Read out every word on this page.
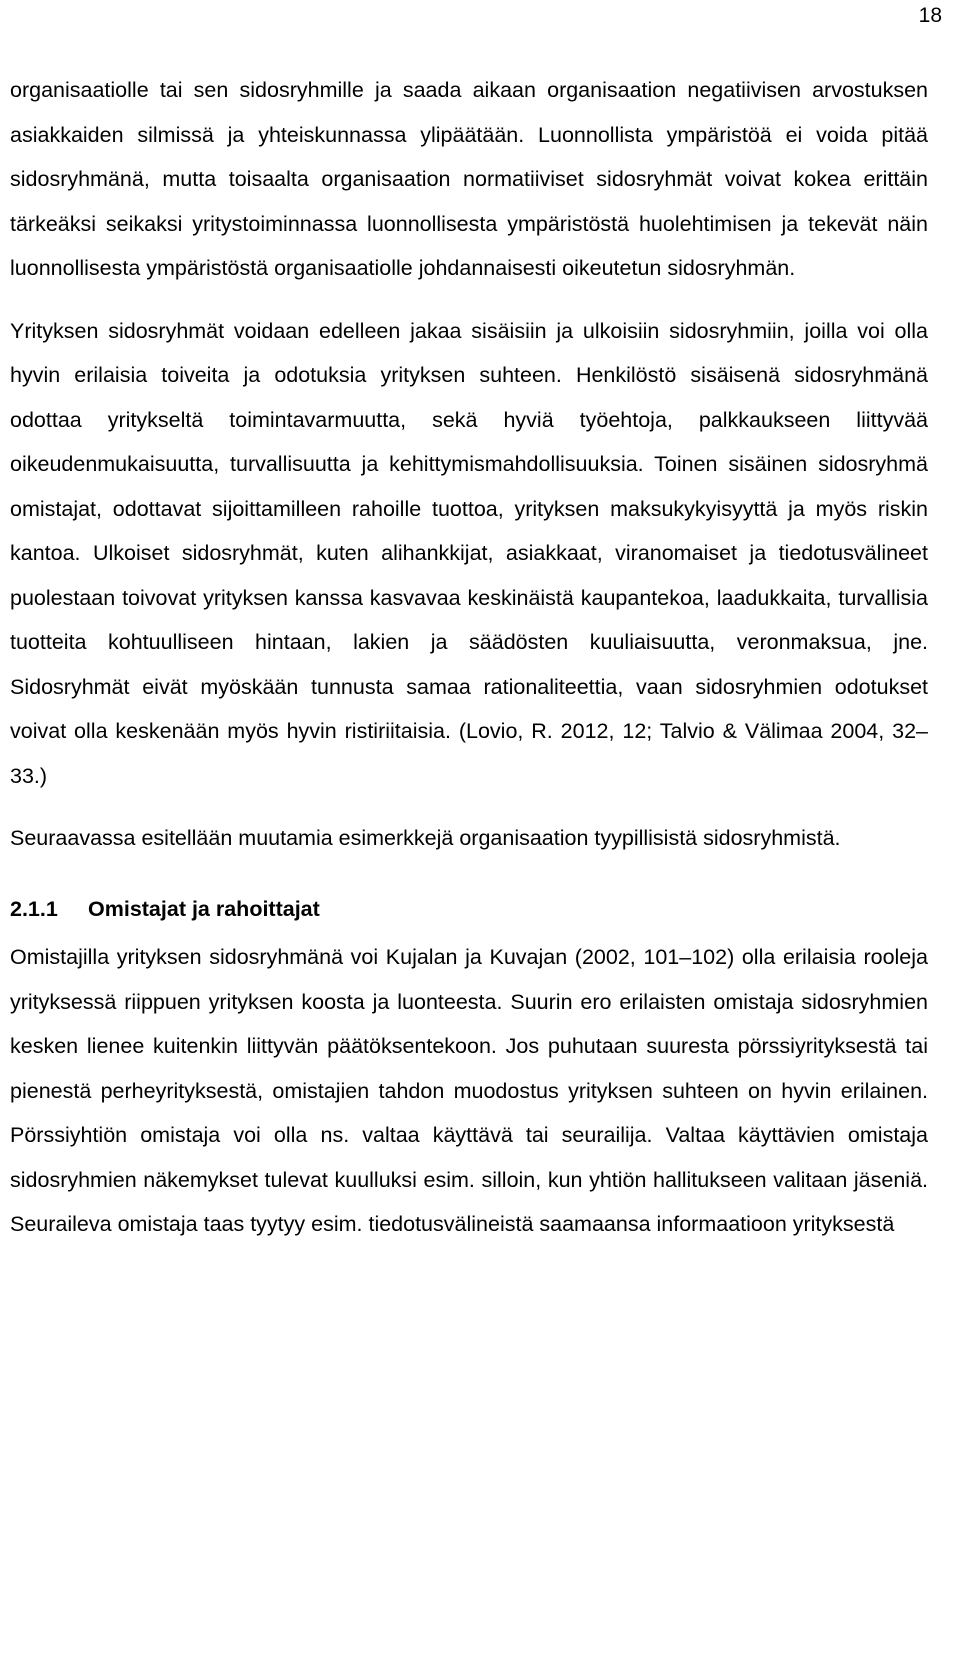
18

organisaatiolle tai sen sidosryhmille ja saada aikaan organisaation negatiivisen arvostuksen asiakkaiden silmissä ja yhteiskunnassa ylipäätään. Luonnollista ympäristöä ei voida pitää sidosryhmänä, mutta toisaalta organisaation normatiiviset sidosryhmät voivat kokea erittäin tärkeäksi seikaksi yritystoiminnassa luonnollisesta ympäristöstä huolehtimisen ja tekevät näin luonnollisesta ympäristöstä organisaatiolle johdannaisesti oikeutetun sidosryhmän.

Yrityksen sidosryhmät voidaan edelleen jakaa sisäisiin ja ulkoisiin sidosryhmiin, joilla voi olla hyvin erilaisia toiveita ja odotuksia yrityksen suhteen. Henkilöstö sisäisenä sidosryhmänä odottaa yritykseltä toimintavarmuutta, sekä hyviä työehtoja, palkkaukseen liittyvää oikeudenmukaisuutta, turvallisuutta ja kehittymismahdollisuuksia. Toinen sisäinen sidosryhmä omistajat, odottavat sijoittamilleen rahoille tuottoa, yrityksen maksukykyisyyttä ja myös riskin kantoa. Ulkoiset sidosryhmät, kuten alihankkijat, asiakkaat, viranomaiset ja tiedotusvälineet puolestaan toivovat yrityksen kanssa kasvavaa keskinäistä kaupantekoa, laadukkaita, turvallisia tuotteita kohtuulliseen hintaan, lakien ja säädösten kuuliaisuutta, veronmaksua, jne. Sidosryhmät eivät myöskään tunnusta samaa rationaliteettia, vaan sidosryhmien odotukset voivat olla keskenään myös hyvin ristiriitaisia. (Lovio, R. 2012, 12; Talvio & Välimaa 2004, 32–33.)

Seuraavassa esitellään muutamia esimerkkejä organisaation tyypillisistä sidosryhmistä.

2.1.1 Omistajat ja rahoittajat

Omistajilla yrityksen sidosryhmänä voi Kujalan ja Kuvajan (2002, 101–102) olla erilaisia rooleja yrityksessä riippuen yrityksen koosta ja luonteesta. Suurin ero erilaisten omistaja sidosryhmien kesken lienee kuitenkin liittyvän päätöksentekoon. Jos puhutaan suuresta pörssiyrityksestä tai pienestä perheyrityksestä, omistajien tahdon muodostus yrityksen suhteen on hyvin erilainen. Pörssiyhtiön omistaja voi olla ns. valtaa käyttävä tai seurailija. Valtaa käyttävien omistaja sidosryhmien näkemykset tulevat kuulluksi esim. silloin, kun yhtiön hallitukseen valitaan jäseniä. Seuraileva omistaja taas tyytyy esim. tiedotusvälineistä saamaansa informaatioon yrityksestä
